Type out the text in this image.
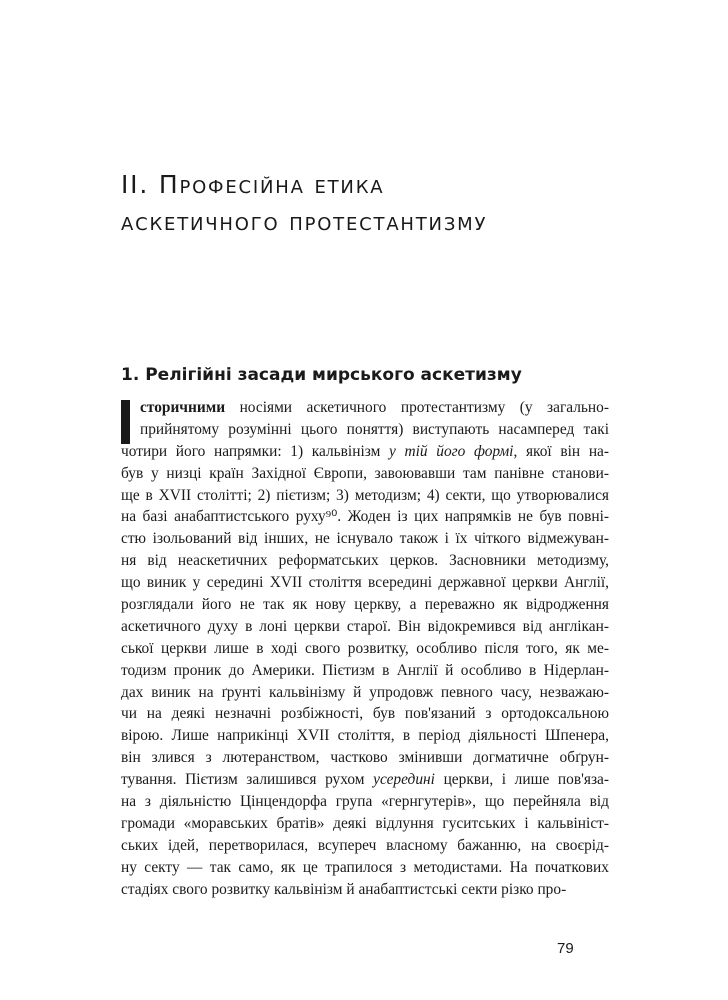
ІІ. Професійна етика
аскетичного протестантизму
1. Релігійні засади мирського аскетизму
сторичними носіями аскетичного протестантизму (у загально-
прийнятому розумінні цього поняття) виступають насамперед такі
чотири його напрямки: 1) кальвінізм у тій його формі, якої він на-
був у низці країн Західної Європи, завоювавши там панівне станови-
ще в XVII столітті; 2) пієтизм; 3) методизм; 4) секти, що утворювалися
на базі анабаптистського руху⁹⁰. Жоден із цих напрямків не був повні-
стю ізольований від інших, не існувало також і їх чіткого відмежуван-
ня від неаскетичних реформатських церков. Засновники методизму,
що виник у середині XVII століття всередині державної церкви Англії,
розглядали його не так як нову церкву, а переважно як відродження
аскетичного духу в лоні церкви старої. Він відокремився від англікан-
ської церкви лише в ході свого розвитку, особливо після того, як ме-
тодизм проник до Америки. Пієтизм в Англії й особливо в Нідерлан-
дах виник на ґрунті кальвінізму й упродовж певного часу, незважаю-
чи на деякі незначні розбіжності, був пов'язаний з ортодоксальною
вірою. Лише наприкінці XVII століття, в період діяльності Шпенера,
він злився з лютеранством, частково змінивши догматичне обґрун-
тування. Пієтизм залишився рухом усередині церкви, і лише пов'яза-
на з діяльністю Цінцендорфа група «гернгутерів», що перейняла від
громади «моравських братів» деякі відлуння гуситських і кальвініст-
ських ідей, перетворилася, всупереч власному бажанню, на своєрід-
ну секту — так само, як це трапилося з методистами. На початкових
стадіях свого розвитку кальвінізм й анабаптистські секти різко про-
79
